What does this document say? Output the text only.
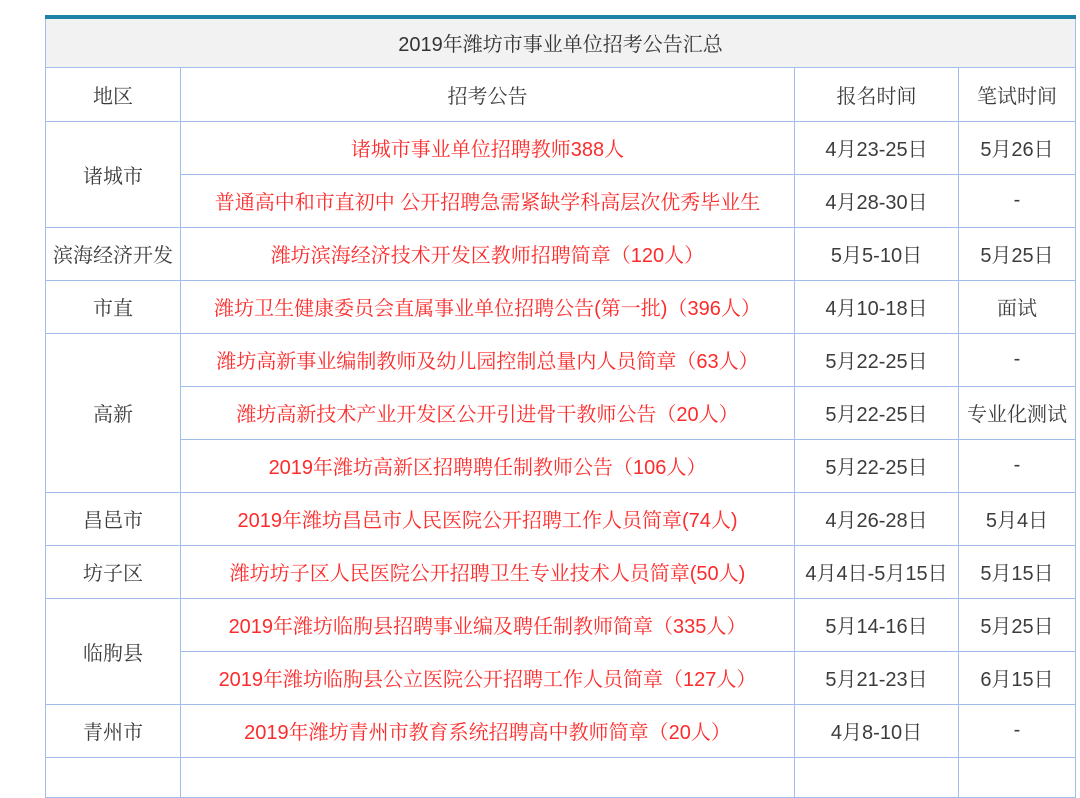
2019年潍坊市事业单位招考公告汇总			
地区	招考公告	报名时间	笔试时间
诸城市	诸城市事业单位招聘教师388人	4月23-25日	5月26日
	普通高中和市直初中 公开招聘急需紧缺学科高层次优秀毕业生	4月28-30日	-
滨海经济开发	潍坊滨海经济技术开发区教师招聘简章（120人）	5月5-10日	5月25日
市直	潍坊卫生健康委员会直属事业单位招聘公告(第一批)（396人）	4月10-18日	面试
高新	潍坊高新事业编制教师及幼儿园控制总量内人员简章（63人）	5月22-25日	-
	潍坊高新技术产业开发区公开引进骨干教师公告（20人）	5月22-25日	专业化测试
	2019年潍坊高新区招聘聘任制教师公告（106人）	5月22-25日	-
昌邑市	2019年潍坊昌邑市人民医院公开招聘工作人员简章(74人)	4月26-28日	5月4日
坊子区	潍坊坊子区人民医院公开招聘卫生专业技术人员简章(50人)	4月4日-5月15日	5月15日
临朐县	2019年潍坊临朐县招聘事业编及聘任制教师简章（335人）	5月14-16日	5月25日
	2019年潍坊临朐县公立医院公开招聘工作人员简章（127人）	5月21-23日	6月15日
青州市	2019年潍坊青州市教育系统招聘高中教师简章（20人）	4月8-10日	-
